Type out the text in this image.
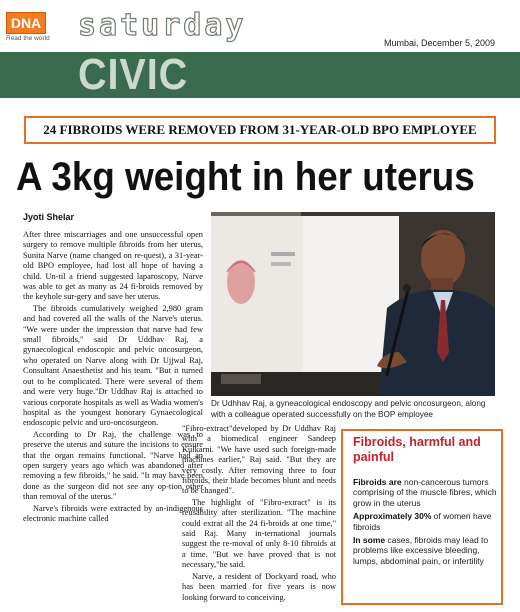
DNA
Read the world saturday	Mumbai, December 5, 2009
CIVIC
24 FIBROIDS WERE REMOVED FROM 31-YEAR-OLD BPO EMPLOYEE
A 3kg weight in her uterus
Jyoti Shelar

After three miscarriages and one unsuccessful open surgery to remove multiple fibroids from her uterus, Sunita Narve (name changed on re-quest), a 31-year-old BPO employee, had lost all hope of having a child. Un-til a friend suggested laparoscopy, Narve was able to get as many as 24 fi-broids removed by the keyhole sur-gery and save her uterus.

The fibroids cumulatively weighed 2,980 gram and had covered all the walls of the Narve's uterus. "We were under the impression that narve had few small fibroids," said Dr Uddhav Raj, a gynaecological endoscopic and pelvic oncosurgeon, who operated on Narve along with Dr Ujjwal Raj, Consultant Anaesthetist and his team. "But it turned out to be complicated. There were several of them and were very huge."Dr Uddhav Raj is attached to various corporate hospitals as well as Wadia women's hospital as the youngest honorary Gynaecological endoscopic pelvic and uro-oncosurgeon.

According to Dr Raj, the challenge was to preserve the uterus and suture the incisions to ensure that the organ remains functional. "Narve had an open surgery years ago which was abandoned after removing a few fibroids," he said. "It may have been done as the surgeon did not see any op-tion other than removal of the uterus."

Narve's fibroids were extracted by an-indigenous electronic machine called

Dr Udhhav Raj, a gyneacological endoscopy and pelvic oncosurgeon, along with a colleague operated successfully on the BOP employee

"Fibro-extract"developed by Dr Uddhav Raj with a biomedical engineer Sandeep Kulkarni. "We have used such foreign-made machines earlier," Raj said. "But they are very costly. After removing three to four fibroids, their blade becomes blunt and needs to be changed".

The highlight of "Fibro-extract" is its reusability after sterilization. "The machine could extrat all the 24 fi-broids at one time," said Raj. Many in-ternational journals suggest the re-moval of only 8-10 fibroids at a time. "But we have proved that is not necessary,"he said.

Narve, a resident of Dockyard road, who has been married for five years is now looking forward to conceiving.

Fibroids, harmful and painful

Fibroids are non-cancerous tumors comprising of the muscle fibres, which grow in the uterus

Approximately 30% of women have fibroids

In some cases, fibroids may lead to problems like excessive bleeding, lumps, abdominal pain, or infertility
